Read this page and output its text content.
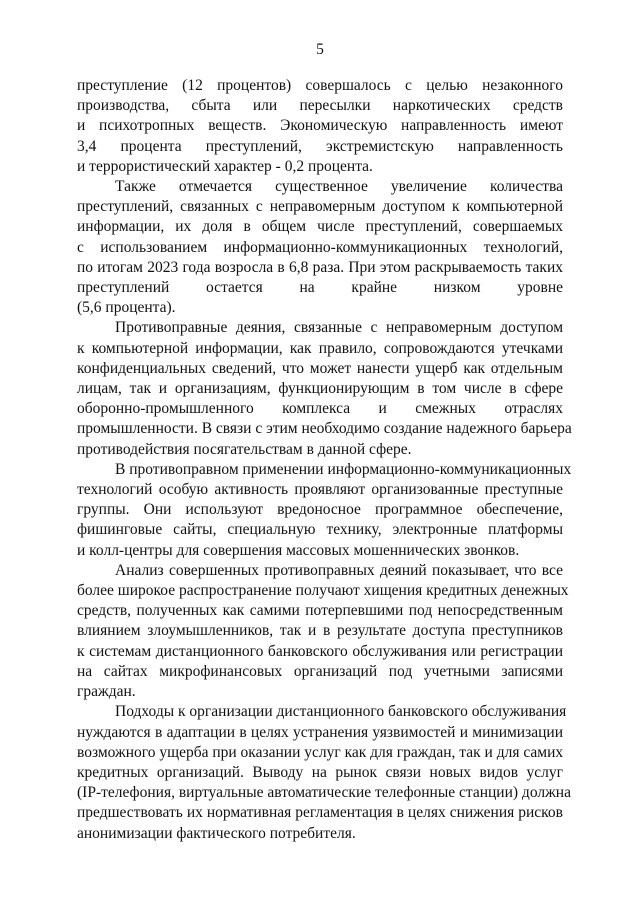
5
преступление (12 процентов) совершалось с целью незаконного
производства, сбыта или пересылки наркотических средств
и психотропных веществ. Экономическую направленность имеют
3,4 процента преступлений, экстремистскую направленность
и террористический характер - 0,2 процента.
Также отмечается существенное увеличение количества
преступлений, связанных с неправомерным доступом к компьютерной
информации, их доля в общем числе преступлений, совершаемых
с использованием информационно-коммуникационных технологий,
по итогам 2023 года возросла в 6,8 раза. При этом раскрываемость таких
преступлений остается на крайне низком уровне
(5,6 процента).
Противоправные деяния, связанные с неправомерным доступом
к компьютерной информации, как правило, сопровождаются утечками
конфиденциальных сведений, что может нанести ущерб как отдельным
лицам, так и организациям, функционирующим в том числе в сфере
оборонно-промышленного комплекса и смежных отраслях
промышленности. В связи с этим необходимо создание надежного барьера
противодействия посягательствам в данной сфере.
В противоправном применении информационно-коммуникационных
технологий особую активность проявляют организованные преступные
группы. Они используют вредоносное программное обеспечение,
фишинговые сайты, специальную технику, электронные платформы
и колл-центры для совершения массовых мошеннических звонков.
Анализ совершенных противоправных деяний показывает, что все
более широкое распространение получают хищения кредитных денежных
средств, полученных как самими потерпевшими под непосредственным
влиянием злоумышленников, так и в результате доступа преступников
к системам дистанционного банковского обслуживания или регистрации
на сайтах микрофинансовых организаций под учетными записями
граждан.
Подходы к организации дистанционного банковского обслуживания
нуждаются в адаптации в целях устранения уязвимостей и минимизации
возможного ущерба при оказании услуг как для граждан, так и для самих
кредитных организаций. Выводу на рынок связи новых видов услуг
(IP-телефония, виртуальные автоматические телефонные станции) должна
предшествовать их нормативная регламентация в целях снижения рисков
анонимизации фактического потребителя.
